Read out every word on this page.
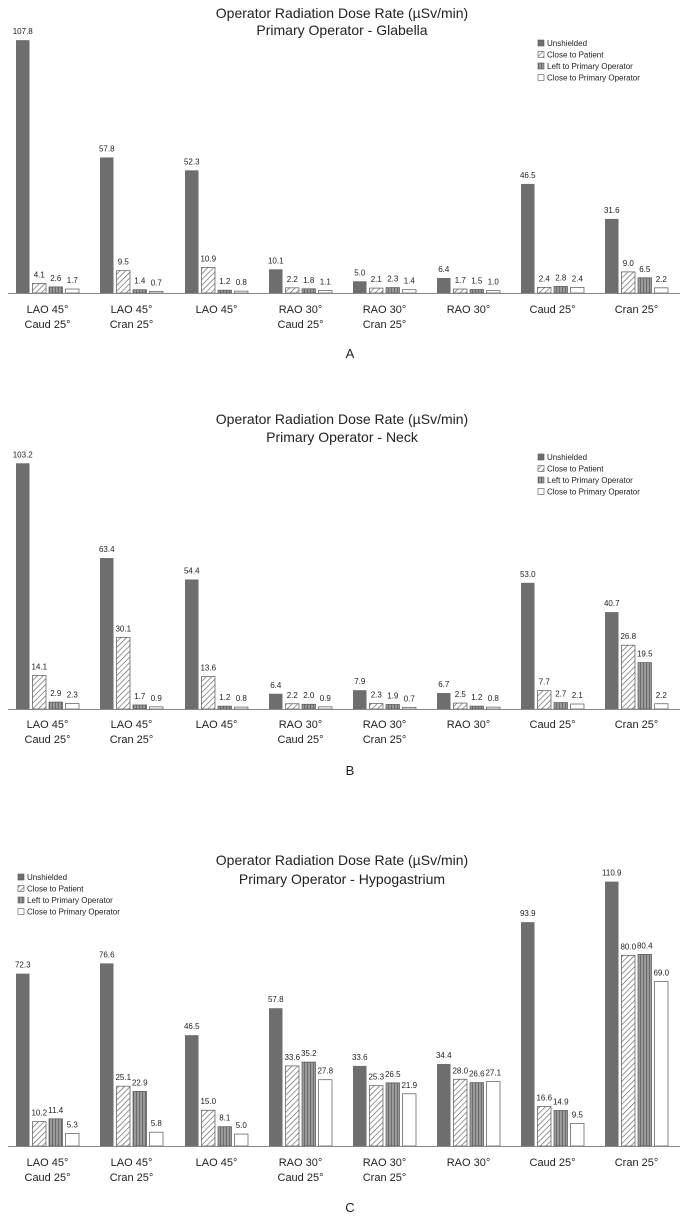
Operator Radiation Dose Rate (µSv/min)
Primary Operator - Glabella
Unshielded
Close to Patient
Left to Primary Operator
Close to Primary Operator
107.8
57.8
52.3
10.1
5.0	6.4
46.5
31.6
4.1
9.5	10.9
2.2	2.1	1.7	2.4
9.0
2.6	1.4	1.2	1.8	2.3	1.5	2.8
6.5
1.7	0.7	0.8	1.1	1.4	1.0	2.4	2.2
LAO 45°
Caud 25°
LAO 45°
Cran 25°
LAO 45°	RAO 30°
Caud 25°
RAO 30°
Cran 25°
RAO 30°	Caud 25°	Cran 25°
A
Operator Radiation Dose Rate (µSv/min)
Primary Operator - Neck
Unshielded
Close to Patient
Left to Primary Operator
Close to Primary Operator
103.2
63.4
54.4
6.4	7.9	6.7
53.0
40.7
14.1
30.1
13.6
2.2	2.3	2.5
7.7
26.8
2.9	1.7	1.2	2.0	1.9	1.2	2.7
19.5
2.3	0.9	0.8	0.9	0.7	0.8	2.1	2.2
LAO 45°
Caud 25°
LAO 45°
Cran 25°
LAO 45°	RAO 30°
Caud 25°
RAO 30°
Cran 25°
RAO 30°	Caud 25°	Cran 25°
B
Operator Radiation Dose Rate (µSv/min)
Primary Operator - Hypogastrium
Unshielded
Close to Patient
Left to Primary Operator
Close to Primary Operator
72.3
76.6
46.5
57.8
33.6	34.4
93.9
110.9
10.2
25.1
15.0
33.6
25.3
28.0
16.6
80.0
11.4
22.9
8.1
35.2
26.5	26.6
14.9
80.4
5.3	5.8	5.0
27.8
21.9
27.1
9.5
69.0
LAO 45°
Caud 25°
LAO 45°
Cran 25°
LAO 45°	RAO 30°
Caud 25°
RAO 30°
Cran 25°
RAO 30°	Caud 25°	Cran 25°
C
